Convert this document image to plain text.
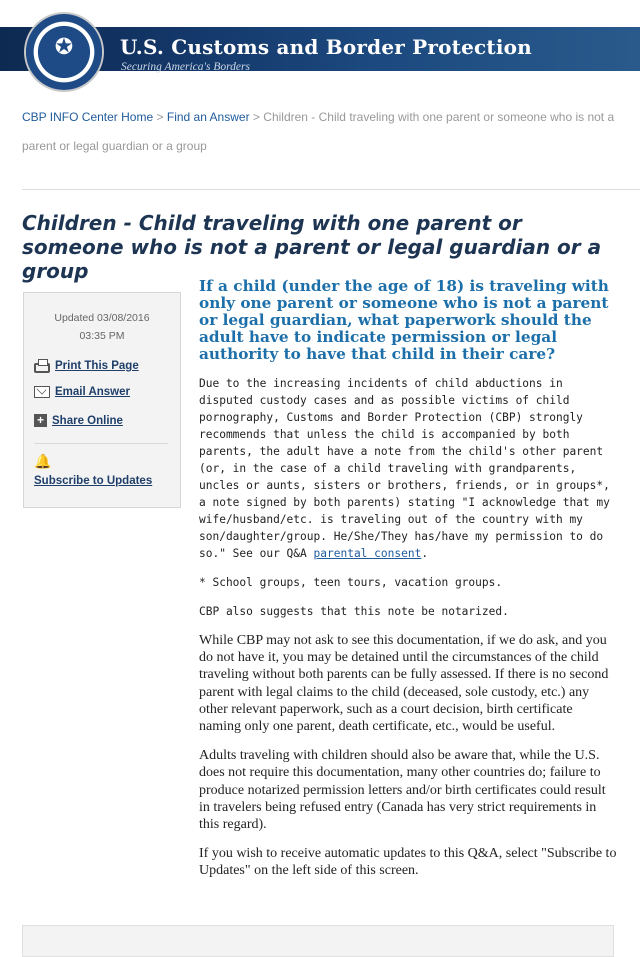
✪ U.S. Customs and Border Protection
Securing America's Borders
CBP INFO Center Home > Find an Answer > Children - Child traveling with one parent or someone who is not a parent or legal guardian or a group
Children - Child traveling with one parent or someone who is not a parent or legal guardian or a group
Updated 03/08/2016
03:35 PM
Print This Page
Email Answer
+ Share Online
🔔
Subscribe to Updates
If a child (under the age of 18) is traveling with only one parent or someone who is not a parent or legal guardian, what paperwork should the adult have to indicate permission or legal authority to have that child in their care?

Due to the increasing incidents of child abductions in disputed custody cases and as possible victims of child pornography, Customs and Border Protection (CBP) strongly recommends that unless the child is accompanied by both parents, the adult have a note from the child's other parent (or, in the case of a child traveling with grandparents, uncles or aunts, sisters or brothers, friends, or in groups*, a note signed by both parents) stating "I acknowledge that my wife/husband/etc. is traveling out of the country with my son/daughter/group. He/She/They has/have my permission to do so." See our Q&A parental consent.

* School groups, teen tours, vacation groups.

CBP also suggests that this note be notarized.

While CBP may not ask to see this documentation, if we do ask, and you do not have it, you may be detained until the circumstances of the child traveling without both parents can be fully assessed. If there is no second parent with legal claims to the child (deceased, sole custody, etc.) any other relevant paperwork, such as a court decision, birth certificate naming only one parent, death certificate, etc., would be useful.

Adults traveling with children should also be aware that, while the U.S. does not require this documentation, many other countries do; failure to produce notarized permission letters and/or birth certificates could result in travelers being refused entry (Canada has very strict requirements in this regard).

If you wish to receive automatic updates to this Q&A, select "Subscribe to Updates" on the left side of this screen.
